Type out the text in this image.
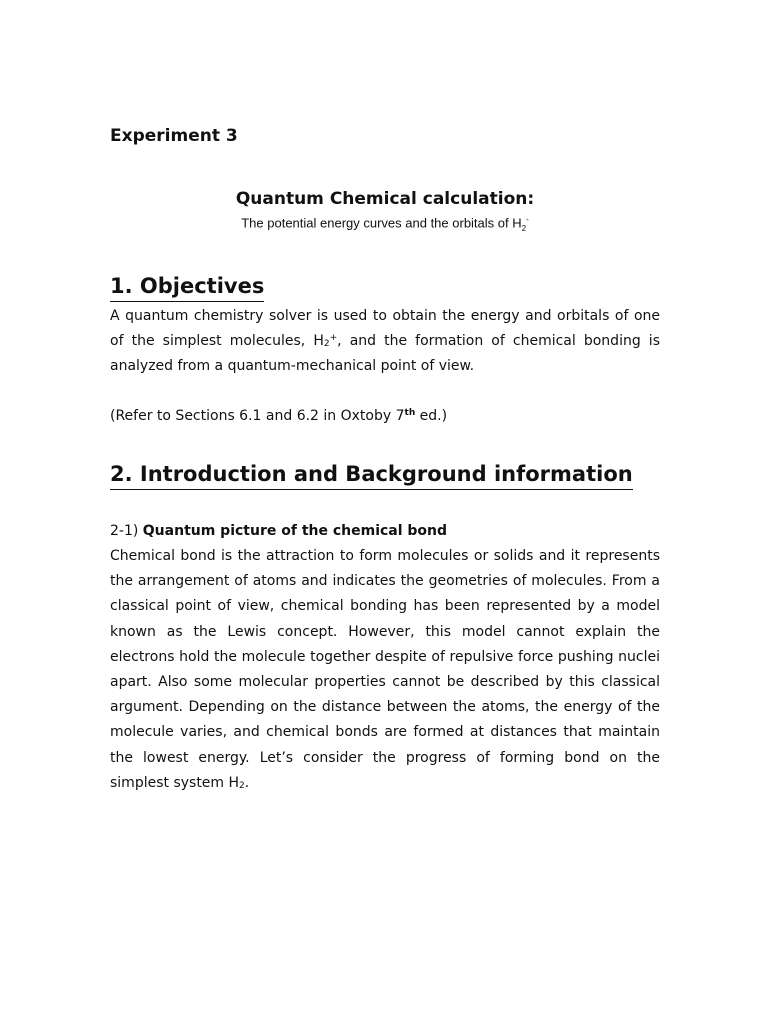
Experiment 3
Quantum Chemical calculation:

The potential energy curves and the orbitals of $H_2^-$

1. Objectives

A quantum chemistry solver is used to obtain the energy and orbitals of one of the simplest molecules, $H_2^+$, and the formation of chemical bonding is analyzed from a quantum-mechanical point of view.

(Refer to Sections 6.1 and 6.2 in Oxtoby 7th ed.)

2. Introduction and Background information

2-1) Quantum picture of the chemical bond

Chemical bond is the attraction to form molecules or solids and it represents the arrangement of atoms and indicates the geometries of molecules. From a classical point of view, chemical bonding has been represented by a model known as the Lewis concept. However, this model cannot explain the electrons hold the molecule together despite of repulsive force pushing nuclei apart. Also some molecular properties cannot be described by this classical argument. Depending on the distance between the atoms, the energy of the molecule varies, and chemical bonds are formed at distances that maintain the lowest energy. Let’s consider the progress of forming bond on the simplest system $H_2$.
